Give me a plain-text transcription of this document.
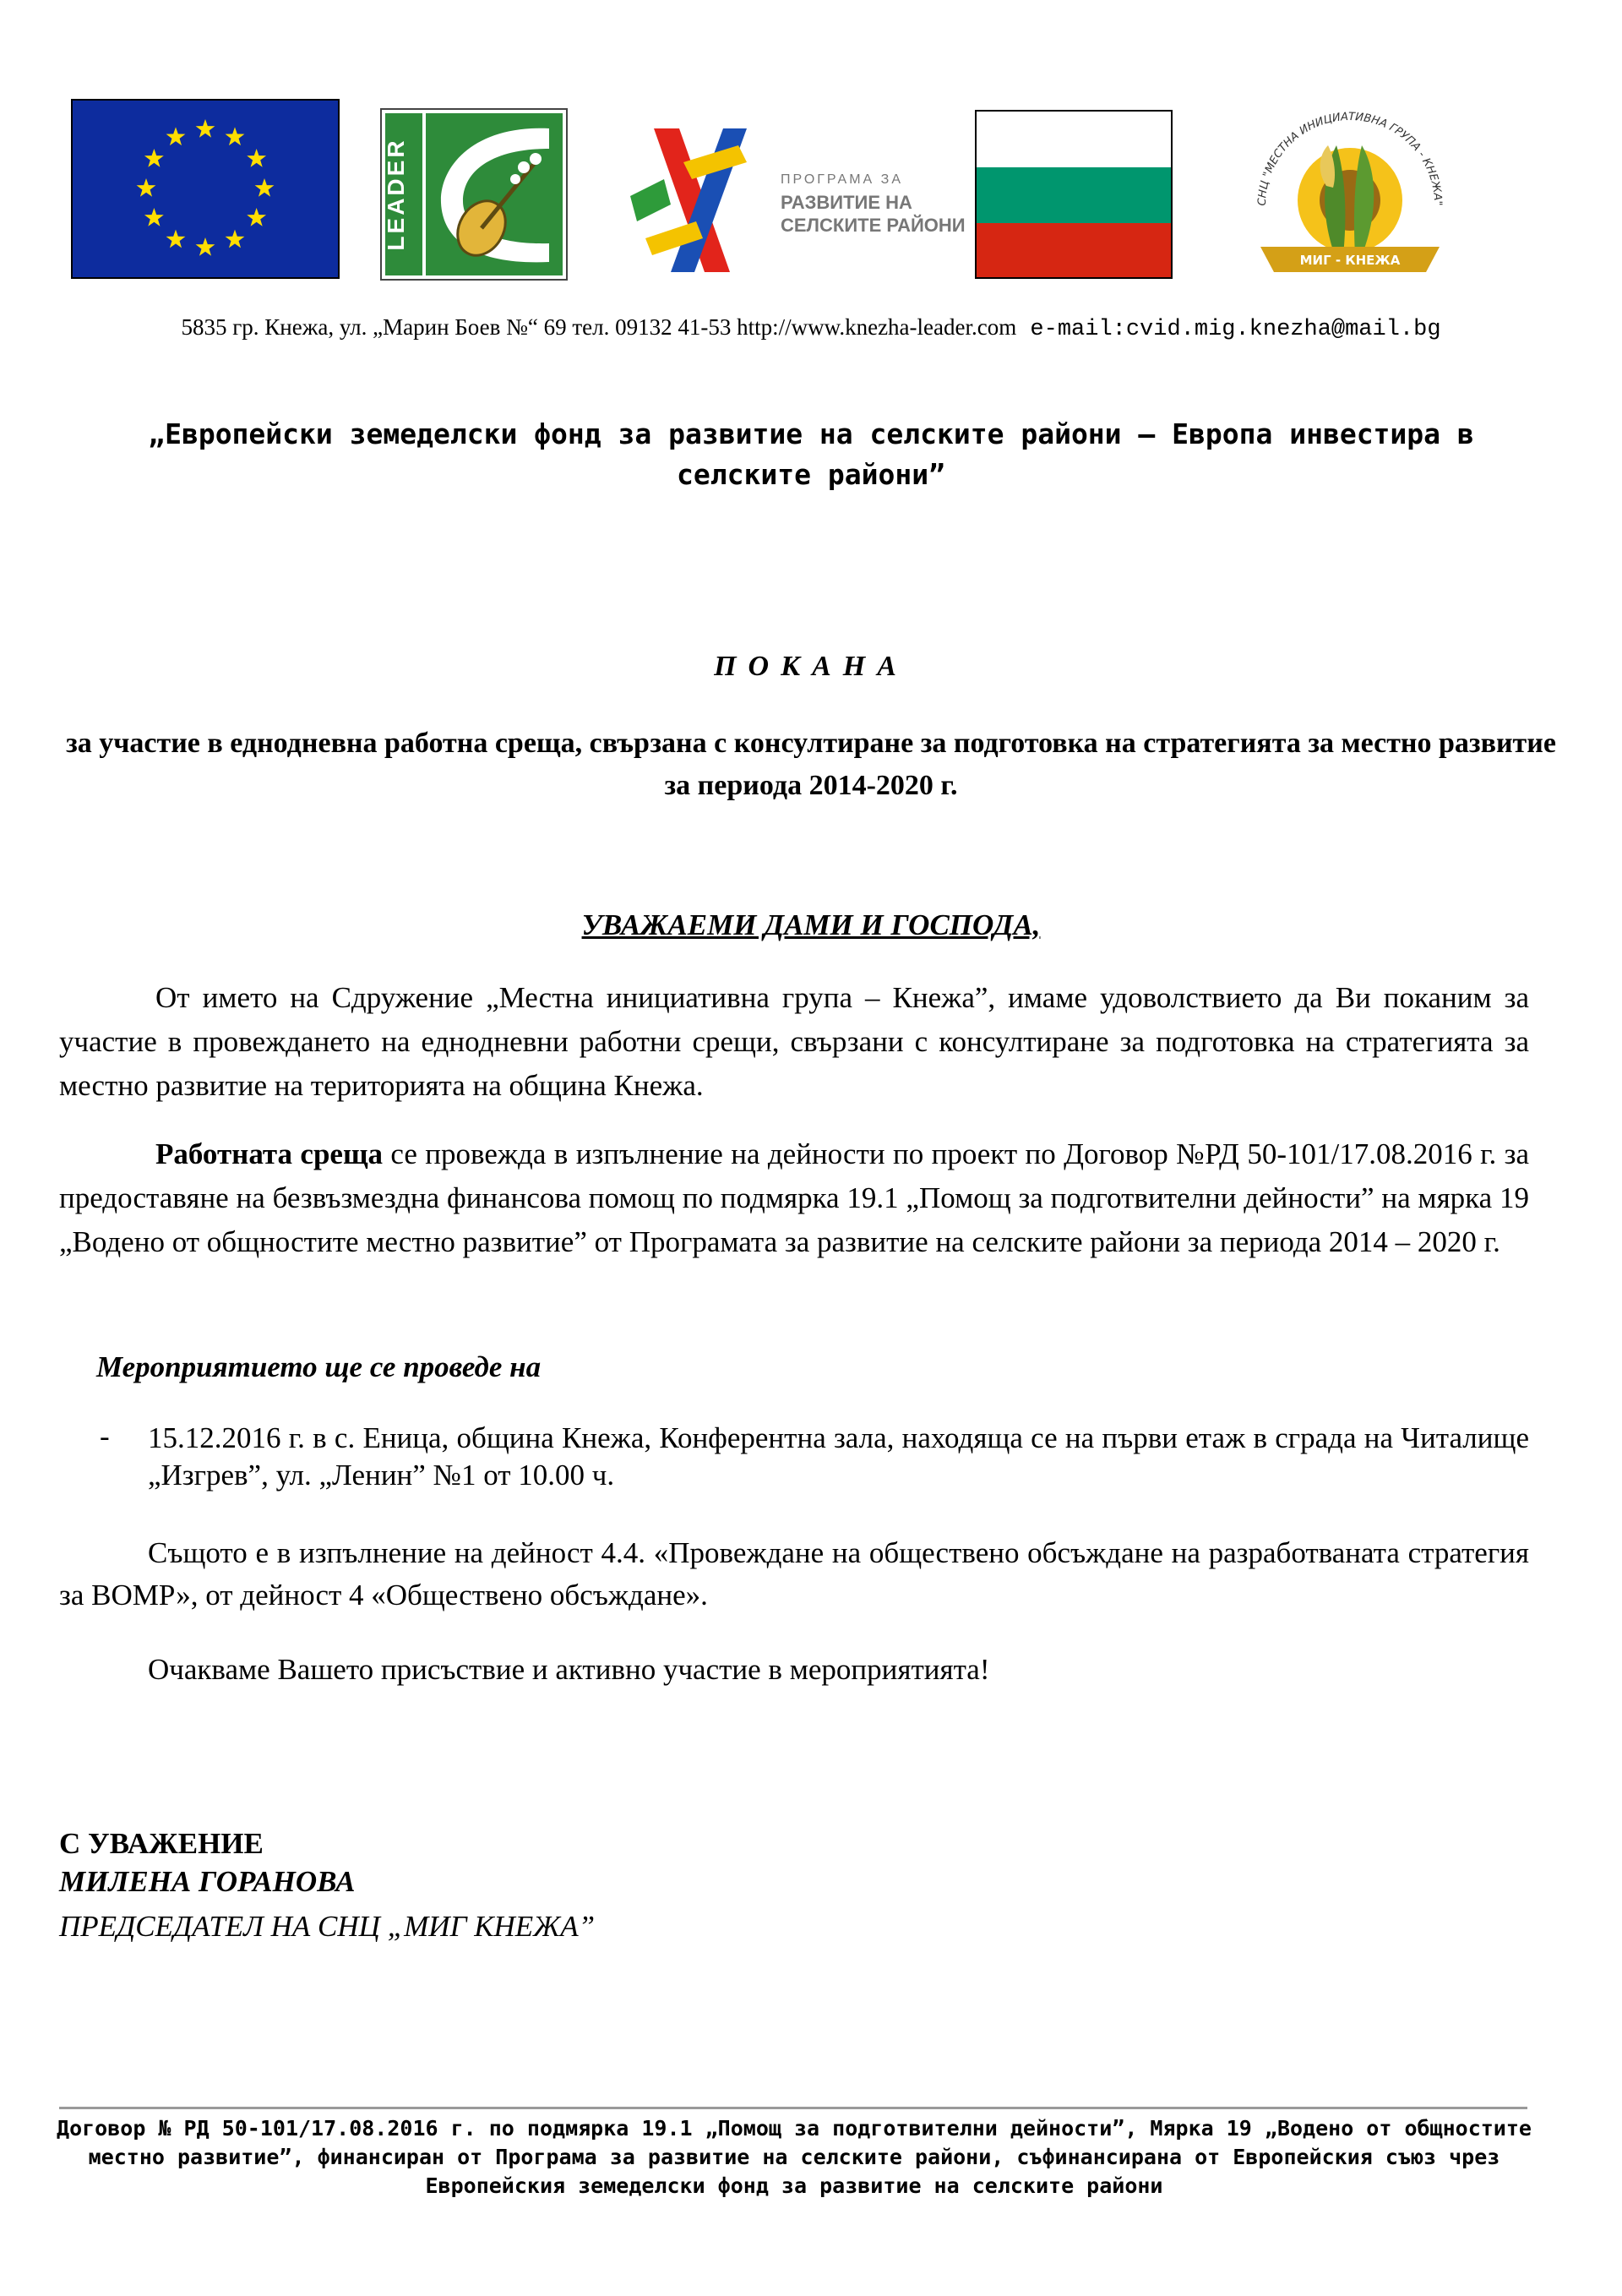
LEADER	ПРОГРАМА ЗА
РАЗВИТИЕ НА
СЕЛСКИТЕ РАЙОНИ
СНЦ "МЕСТНА ИНИЦИАТИВНА ГРУПА - КНЕЖА"
МИГ - КНЕЖА
5835 гр. Кнежа, ул. „Марин Боев №“ 69 тел. 09132 41-53 http://www.knezha-leader.com e-mail:cvid.mig.knezha@mail.bg
„Европейски земеделски фонд за развитие на селските райони – Европа инвестира в селските райони”
ПОКАНА
за участие в еднодневна работна среща, свързана с консултиране за подготовка на стратегията за местно развитие за периода 2014-2020 г.
УВАЖАЕМИ ДАМИ И ГОСПОДА,
От името на Сдружение „Местна инициативна група – Кнежа”, имаме удоволствието да Ви поканим за участие в провеждането на еднодневни работни срещи, свързани с консултиране за подготовка на стратегията за местно развитие на територията на община Кнежа.
Работната среща се провежда в изпълнение на дейности по проект по Договор №РД 50-101/17.08.2016 г. за предоставяне на безвъзмездна финансова помощ по подмярка 19.1 „Помощ за подготвителни дейности” на мярка 19 „Водено от общностите местно развитие” от Програмата за развитие на селските райони за периода 2014 – 2020 г.
Мероприятието ще се проведе на
- 15.12.2016 г. в с. Еница, община Кнежа, Конферентна зала, находяща се на първи етаж в сграда на Читалище „Изгрев”, ул. „Ленин” №1 от 10.00 ч.
Същото е в изпълнение на дейност 4.4. «Провеждане на обществено обсъждане на разработваната стратегия за ВОМР», от дейност 4 «Обществено обсъждане».
Очакваме Вашето присъствие и активно участие в мероприятията!
С УВАЖЕНИЕ
МИЛЕНА ГОРАНОВА
ПРЕДСЕДАТЕЛ НА СНЦ „МИГ КНЕЖА”
Договор № РД 50-101/17.08.2016 г. по подмярка 19.1 „Помощ за подготвителни дейности”, Мярка 19 „Водено от общностите местно развитие”, финансиран от Програма за развитие на селските райони, съфинансирана от Европейския съюз чрез Европейския земеделски фонд за развитие на селските райони
